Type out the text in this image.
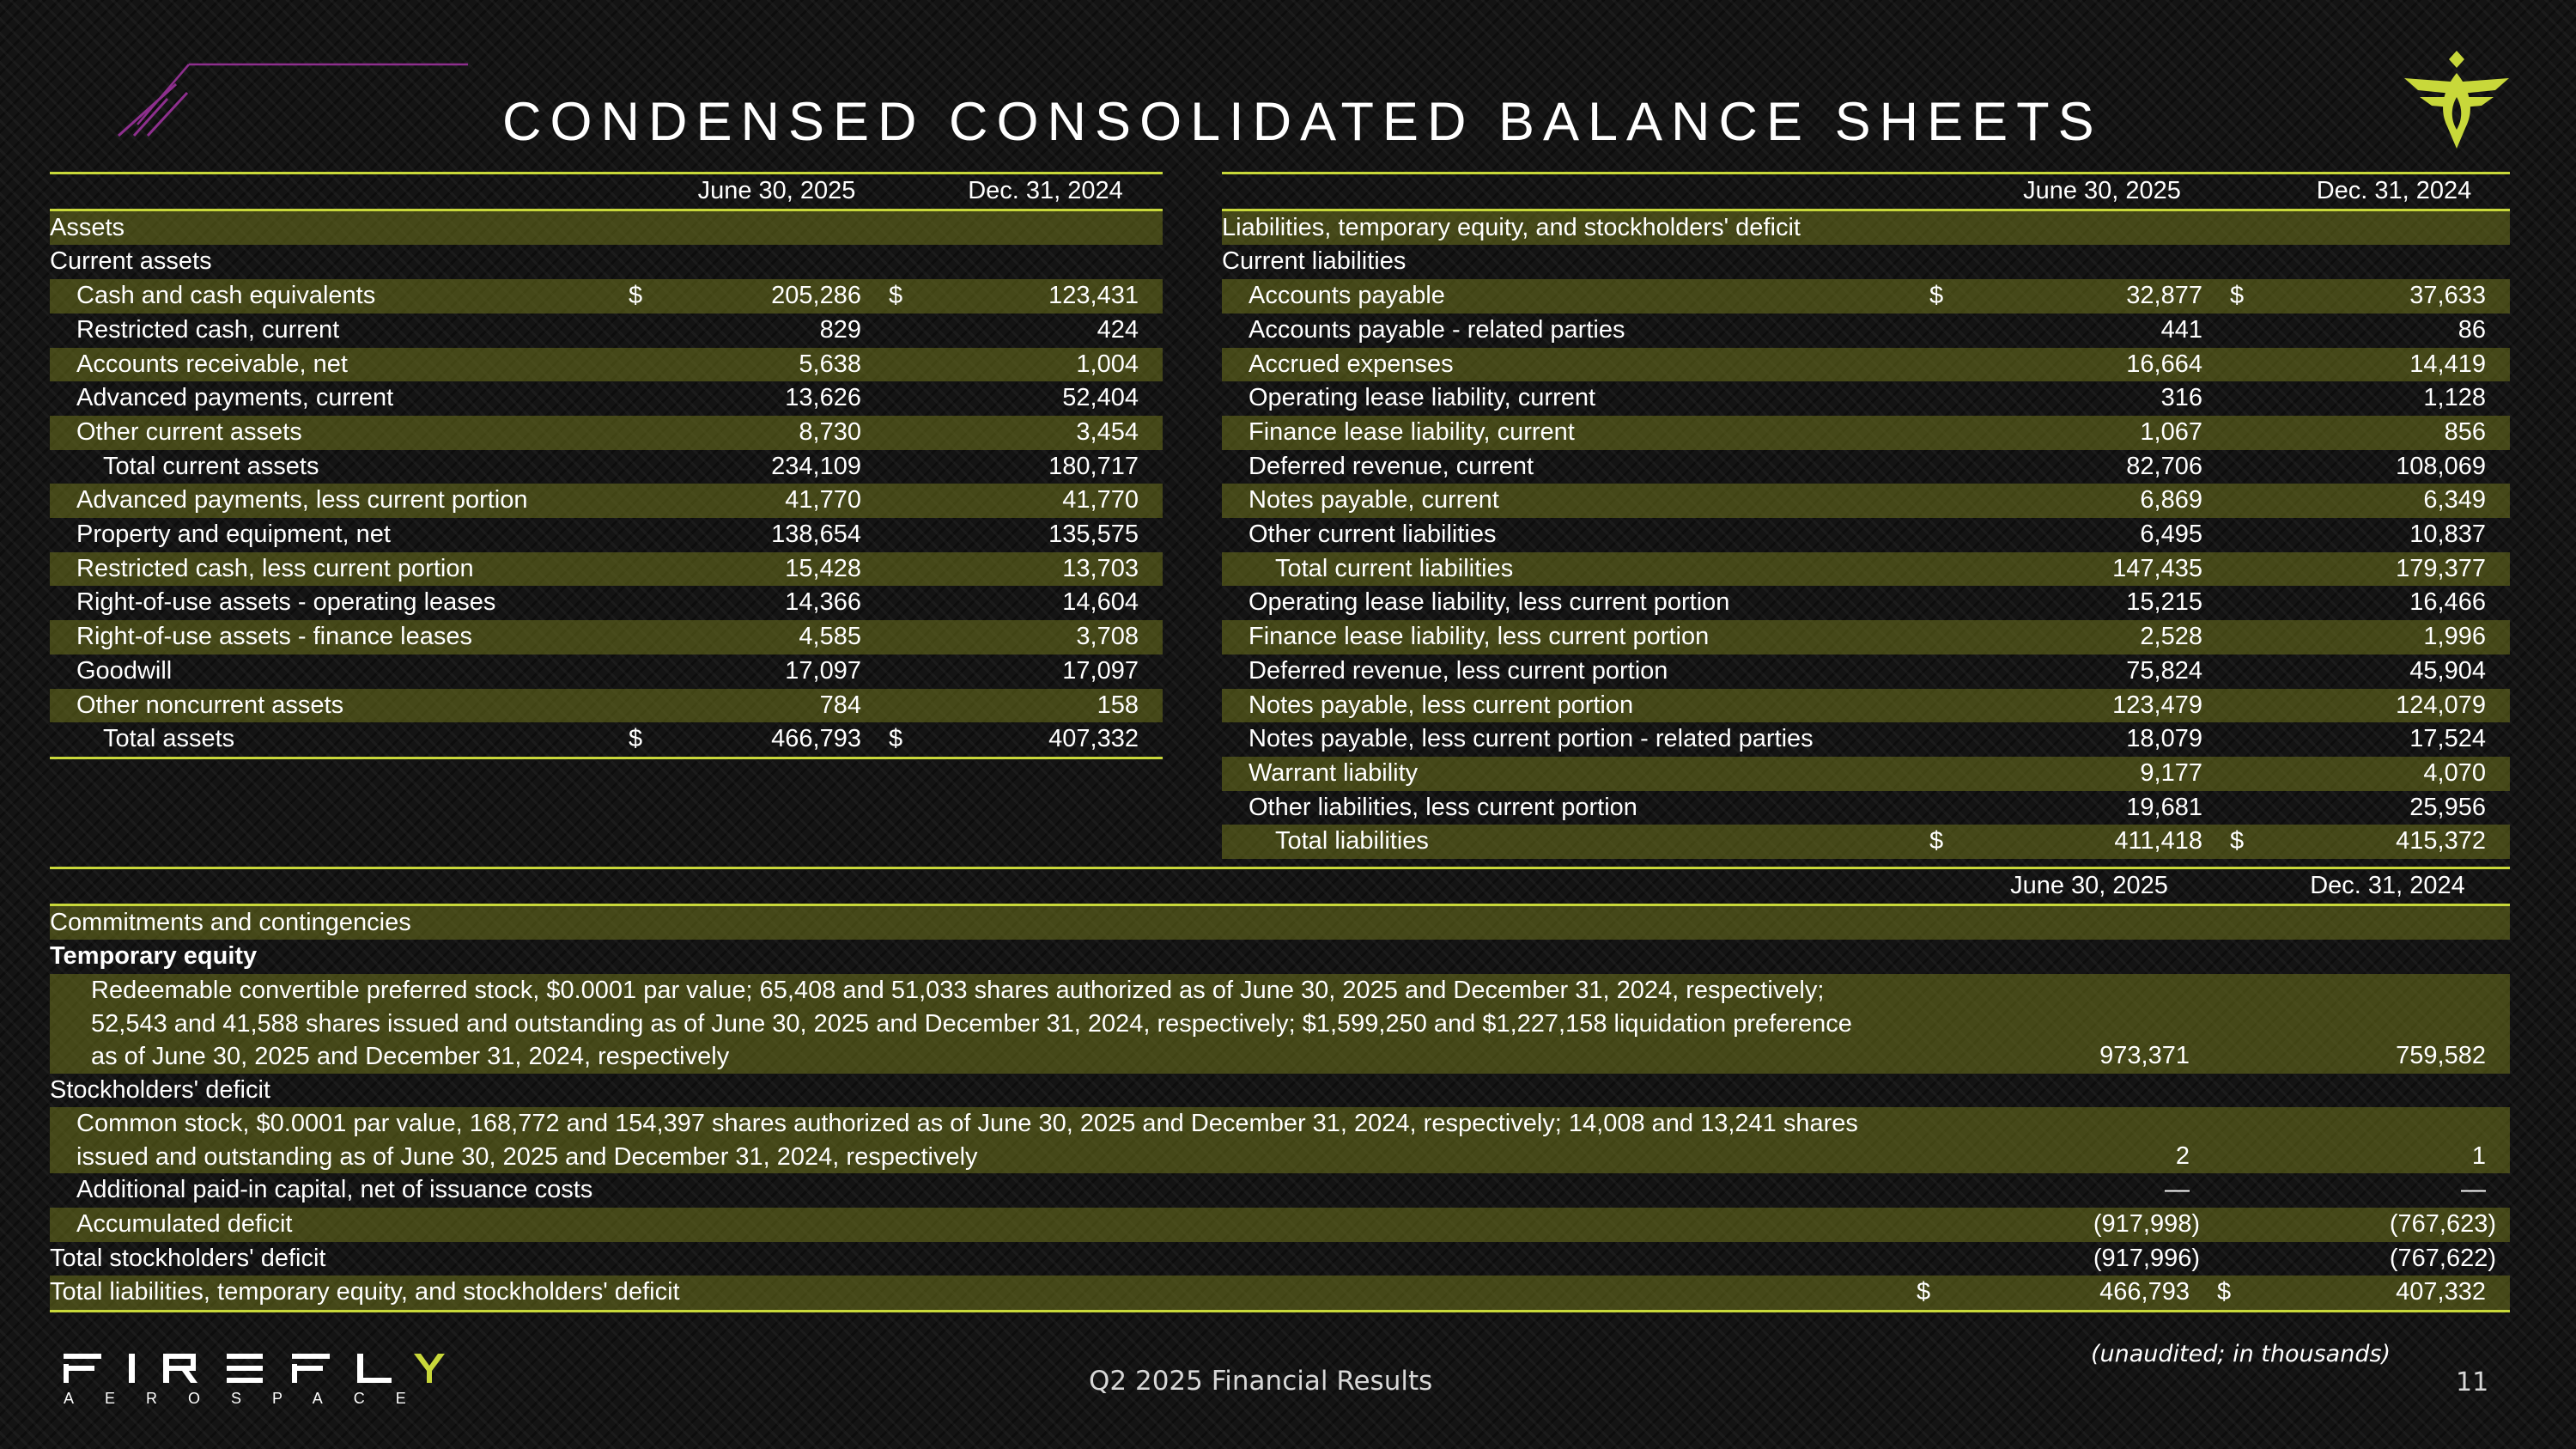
CONDENSED CONSOLIDATED BALANCE SHEETS
		June 30, 2025		Dec. 31, 2024
Assets				
Current assets				
Cash and cash equivalents	$	205,286	$	123,431
Restricted cash, current		829		424
Accounts receivable, net		5,638		1,004
Advanced payments, current		13,626		52,404
Other current assets		8,730		3,454
Total current assets		234,109		180,717
Advanced payments, less current portion		41,770		41,770
Property and equipment, net		138,654		135,575
Restricted cash, less current portion		15,428		13,703
Right-of-use assets - operating leases		14,366		14,604
Right-of-use assets - finance leases		4,585		3,708
Goodwill		17,097		17,097
Other noncurrent assets		784		158
Total assets	$	466,793	$	407,332
		June 30, 2025		Dec. 31, 2024
Liabilities, temporary equity, and stockholders' deficit				
Current liabilities				
Accounts payable	$	32,877	$	37,633
Accounts payable - related parties		441		86
Accrued expenses		16,664		14,419
Operating lease liability, current		316		1,128
Finance lease liability, current		1,067		856
Deferred revenue, current		82,706		108,069
Notes payable, current		6,869		6,349
Other current liabilities		6,495		10,837
Total current liabilities		147,435		179,377
Operating lease liability, less current portion		15,215		16,466
Finance lease liability, less current portion		2,528		1,996
Deferred revenue, less current portion		75,824		45,904
Notes payable, less current portion		123,479		124,079
Notes payable, less current portion - related parties		18,079		17,524
Warrant liability		9,177		4,070
Other liabilities, less current portion		19,681		25,956
Total liabilities	$	411,418	$	415,372
		June 30, 2025		Dec. 31, 2024
Commitments and contingencies				
Temporary equity				
Redeemable convertible preferred stock, $0.0001 par value; 65,408 and 51,033 shares authorized as of June 30, 2025 and December 31, 2024, respectively; 52,543 and 41,588 shares issued and outstanding as of June 30, 2025 and December 31, 2024, respectively; $1,599,250 and $1,227,158 liquidation preference as of June 30, 2025 and December 31, 2024, respectively		973,371		759,582
Stockholders' deficit				
Common stock, $0.0001 par value, 168,772 and 154,397 shares authorized as of June 30, 2025 and December 31, 2024, respectively; 14,008 and 13,241 shares issued and outstanding as of June 30, 2025 and December 31, 2024, respectively		2		1
Additional paid-in capital, net of issuance costs		—		—
Accumulated deficit		(917,998)		(767,623)
Total stockholders' deficit		(917,996)		(767,622)
Total liabilities, temporary equity, and stockholders' deficit	$	466,793	$	407,332
AEROSPACE
Q2 2025 Financial Results
(unaudited; in thousands)
11
